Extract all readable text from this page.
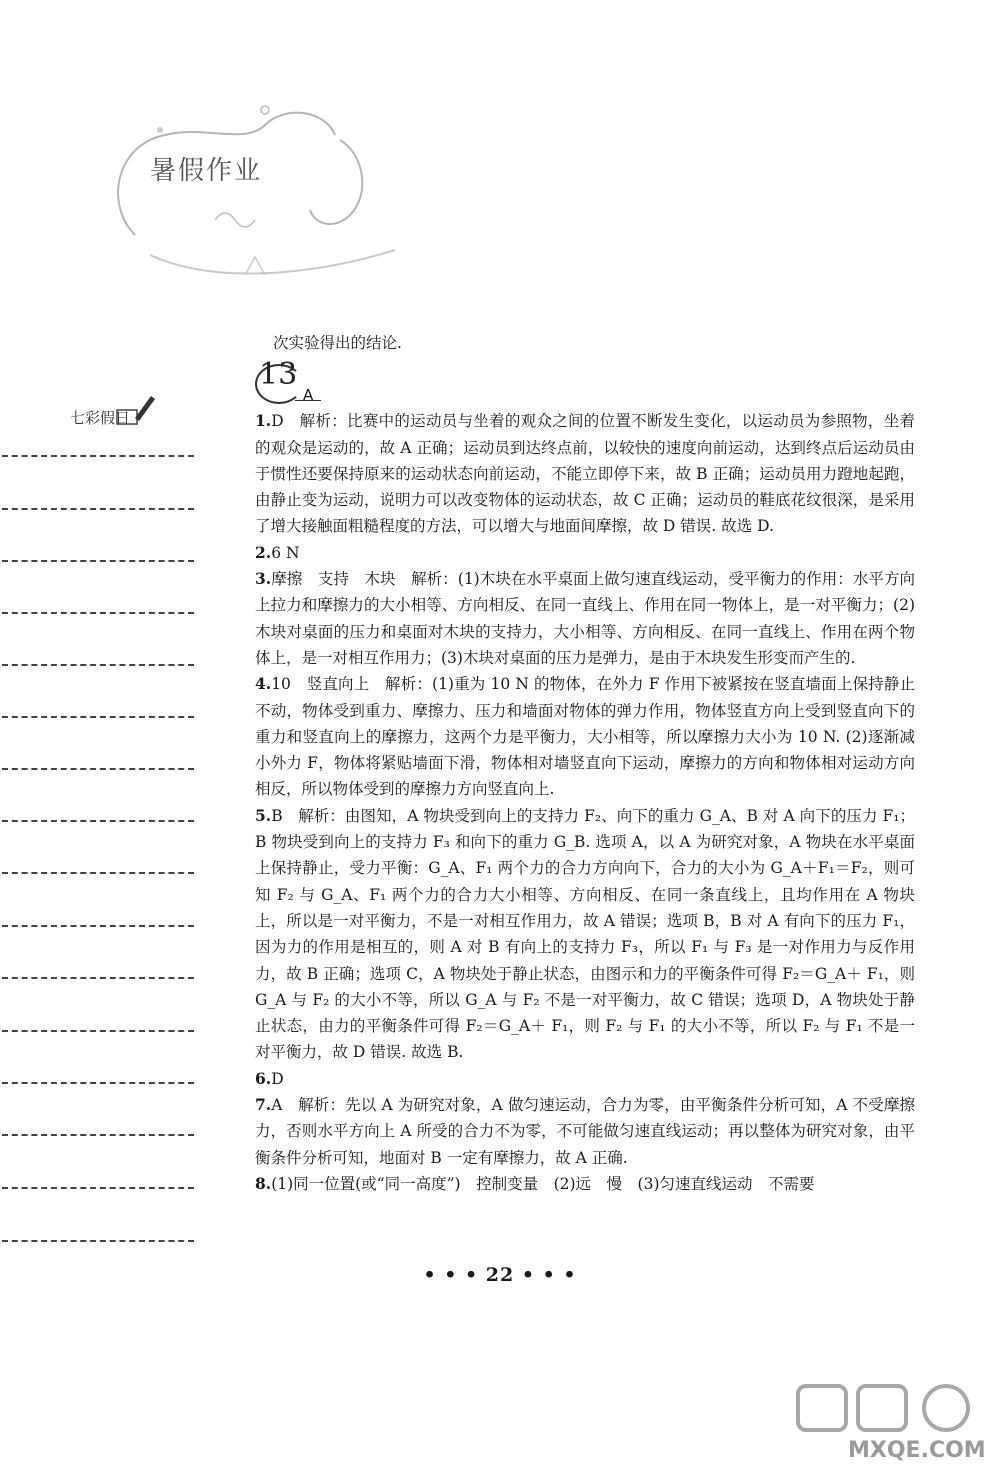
暑假作业
七彩假日

次实验得出的结论.

13
A

1.D　解析：比赛中的运动员与坐着的观众之间的位置不断发生变化，以运动员为参照物，坐着的观众是运动的，故 A 正确；运动员到达终点前，以较快的速度向前运动，达到终点后运动员由于惯性还要保持原来的运动状态向前运动，不能立即停下来，故 B 正确；运动员用力蹬地起跑，由静止变为运动，说明力可以改变物体的运动状态，故 C 正确；运动员的鞋底花纹很深，是采用了增大接触面粗糙程度的方法，可以增大与地面间摩擦，故 D 错误. 故选 D.

2.6 N

3.摩擦　支持　木块　解析：(1)木块在水平桌面上做匀速直线运动，受平衡力的作用：水平方向上拉力和摩擦力的大小相等、方向相反、在同一直线上、作用在同一物体上，是一对平衡力；(2)木块对桌面的压力和桌面对木块的支持力，大小相等、方向相反、在同一直线上、作用在两个物体上，是一对相互作用力；(3)木块对桌面的压力是弹力，是由于木块发生形变而产生的.

4.10　竖直向上　解析：(1)重为 10 N 的物体，在外力 F 作用下被紧按在竖直墙面上保持静止不动，物体受到重力、摩擦力、压力和墙面对物体的弹力作用，物体竖直方向上受到竖直向下的重力和竖直向上的摩擦力，这两个力是平衡力，大小相等，所以摩擦力大小为 10 N. (2)逐渐减小外力 F，物体将紧贴墙面下滑，物体相对墙竖直向下运动，摩擦力的方向和物体相对运动方向相反，所以物体受到的摩擦力方向竖直向上.

5.B　解析：由图知，A 物块受到向上的支持力 F₂、向下的重力 G_A、B 对 A 向下的压力 F₁；B 物块受到向上的支持力 F₃ 和向下的重力 G_B. 选项 A，以 A 为研究对象，A 物块在水平桌面上保持静止，受力平衡：G_A、F₁ 两个力的合力方向向下，合力的大小为 G_A＋F₁＝F₂，则可知 F₂ 与 G_A、F₁ 两个力的合力大小相等、方向相反、在同一条直线上，且均作用在 A 物块上，所以是一对平衡力，不是一对相互作用力，故 A 错误；选项 B，B 对 A 有向下的压力 F₁，因为力的作用是相互的，则 A 对 B 有向上的支持力 F₃，所以 F₁ 与 F₃ 是一对作用力与反作用力，故 B 正确；选项 C，A 物块处于静止状态，由图示和力的平衡条件可得 F₂＝G_A＋ F₁，则 G_A 与 F₂ 的大小不等，所以 G_A 与 F₂ 不是一对平衡力，故 C 错误；选项 D，A 物块处于静止状态，由力的平衡条件可得 F₂＝G_A＋ F₁，则 F₂ 与 F₁ 的大小不等，所以 F₂ 与 F₁ 不是一对平衡力，故 D 错误. 故选 B.

6.D

7.A　解析：先以 A 为研究对象，A 做匀速运动，合力为零，由平衡条件分析可知，A 不受摩擦力，否则水平方向上 A 所受的合力不为零，不可能做匀速直线运动；再以整体为研究对象，由平衡条件分析可知，地面对 B 一定有摩擦力，故 A 正确.

8.(1)同一位置(或“同一高度”)　控制变量　(2)远　慢　(3)匀速直线运动　不需要

• • • 22 • • •
MXQE.COM
